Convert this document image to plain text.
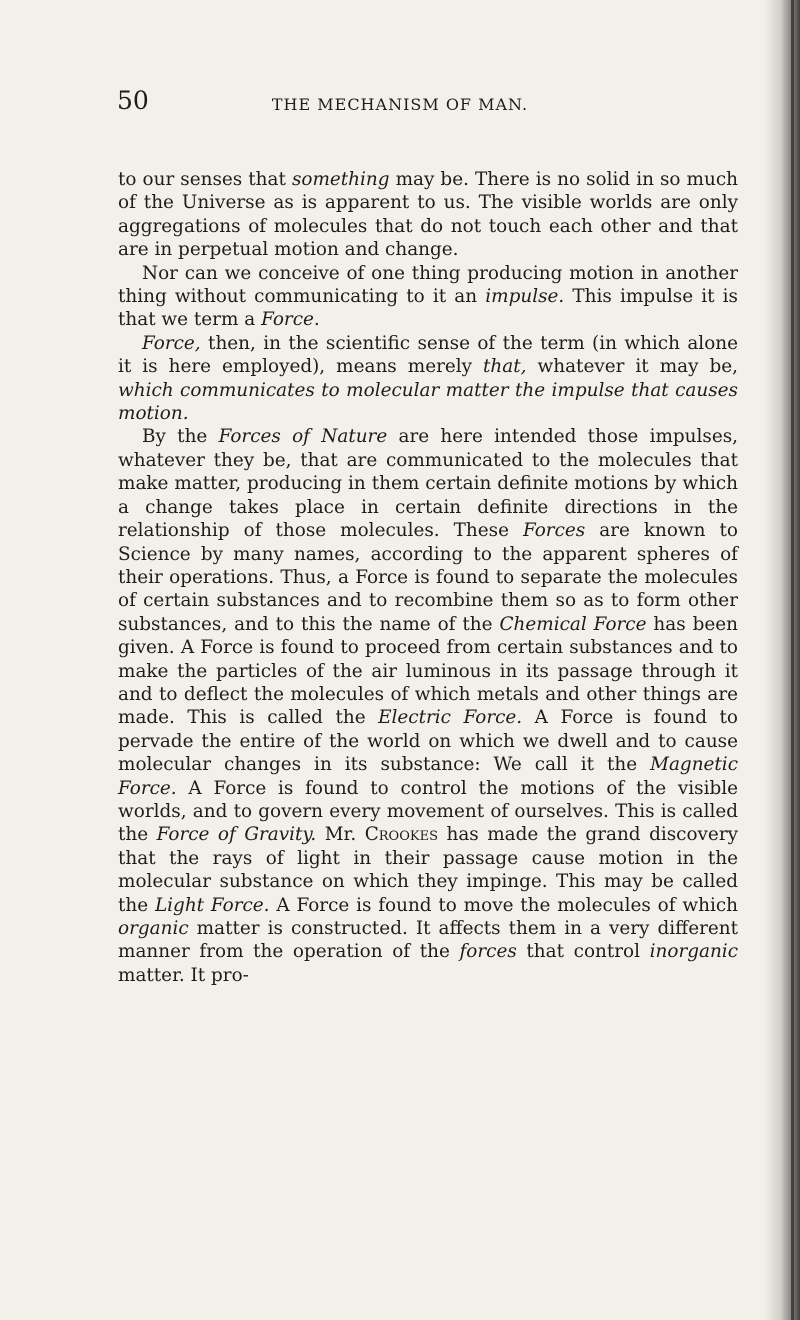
50	THE MECHANISM OF MAN.

to our senses that something may be. There is no solid in so much of the Universe as is apparent to us. The visible worlds are only aggregations of molecules that do not touch each other and that are in perpetual motion and change.

Nor can we conceive of one thing producing motion in another thing without communicating to it an impulse. This impulse it is that we term a Force.

Force, then, in the scientific sense of the term (in which alone it is here employed), means merely that, whatever it may be, which communicates to molecular matter the impulse that causes motion.

By the Forces of Nature are here intended those impulses, whatever they be, that are communicated to the molecules that make matter, producing in them certain definite motions by which a change takes place in certain definite directions in the relationship of those molecules. These Forces are known to Science by many names, according to the apparent spheres of their operations. Thus, a Force is found to separate the molecules of certain substances and to recombine them so as to form other substances, and to this the name of the Chemical Force has been given. A Force is found to proceed from certain substances and to make the particles of the air luminous in its passage through it and to deflect the molecules of which metals and other things are made. This is called the Electric Force. A Force is found to pervade the entire of the world on which we dwell and to cause molecular changes in its substance: We call it the Magnetic Force. A Force is found to control the motions of the visible worlds, and to govern every movement of ourselves. This is called the Force of Gravity. Mr. Crookes has made the grand discovery that the rays of light in their passage cause motion in the molecular substance on which they impinge. This may be called the Light Force. A Force is found to move the molecules of which organic matter is constructed. It affects them in a very different manner from the operation of the forces that control inorganic matter. It pro-
